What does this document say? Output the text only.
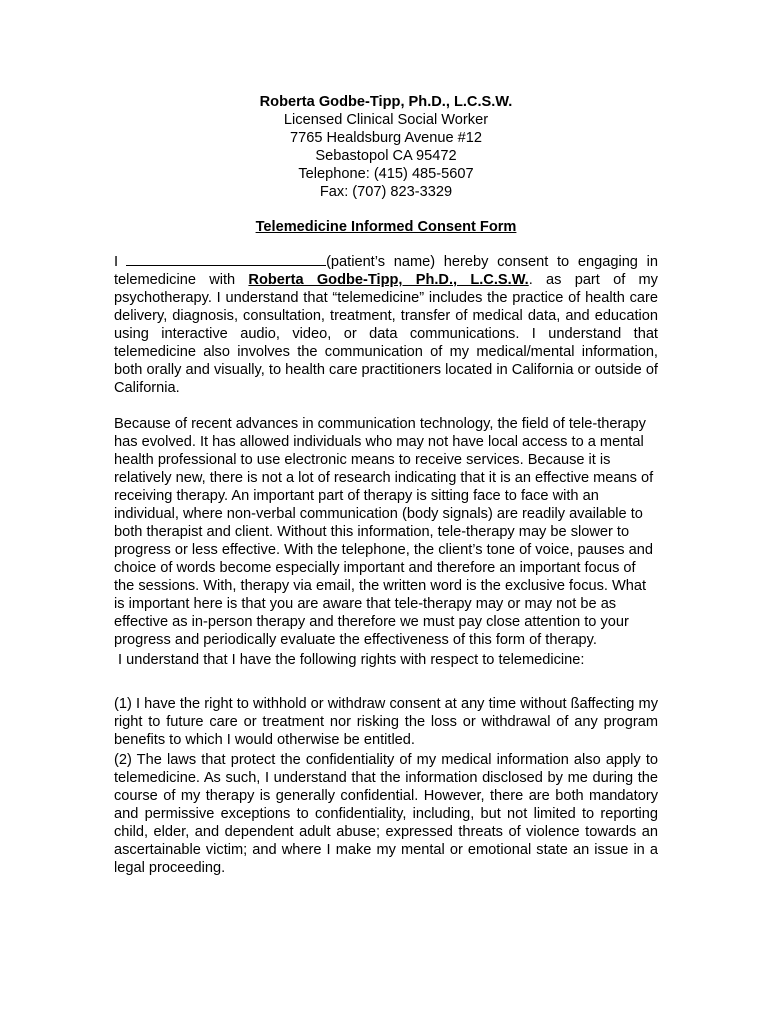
Roberta Godbe-Tipp, Ph.D., L.C.S.W.
Licensed Clinical Social Worker
7765 Healdsburg Avenue #12
Sebastopol CA 95472
Telephone: (415) 485-5607
Fax: (707) 823-3329
Telemedicine Informed Consent Form

I	(patient’s name) hereby consent to engaging in telemedicine with Roberta Godbe-Tipp, Ph.D., L.C.S.W.. as part of my psychotherapy. I understand that “telemedicine” includes the practice of health care delivery, diagnosis, consultation, treatment, transfer of medical data, and education using interactive audio, video, or data communications. I understand that telemedicine also involves the communication of my medical/mental information, both orally and visually, to health care practitioners located in California or outside of California.

Because of recent advances in communication technology, the field of tele-therapy has evolved. It has allowed individuals who may not have local access to a mental health professional to use electronic means to receive services. Because it is relatively new, there is not a lot of research indicating that it is an effective means of receiving therapy. An important part of therapy is sitting face to face with an individual, where non-verbal communication (body signals) are readily available to both therapist and client. Without this information, tele-therapy may be slower to progress or less effective. With the telephone, the client’s tone of voice, pauses and choice of words become especially important and therefore an important focus of the sessions. With, therapy via email, the written word is the exclusive focus. What is important here is that you are aware that tele-therapy may or may not be as effective as in-person therapy and therefore we must pay close attention to your progress and periodically evaluate the effectiveness of this form of therapy.

I understand that I have the following rights with respect to telemedicine:

(1) I have the right to withhold or withdraw consent at any time without ßaffecting my right to future care or treatment nor risking the loss or withdrawal of any program benefits to which I would otherwise be entitled.

(2) The laws that protect the confidentiality of my medical information also apply to telemedicine. As such, I understand that the information disclosed by me during the course of my therapy is generally confidential. However, there are both mandatory and permissive exceptions to confidentiality, including, but not limited to reporting child, elder, and dependent adult abuse; expressed threats of violence towards an ascertainable victim; and where I make my mental or emotional state an issue in a legal proceeding.
